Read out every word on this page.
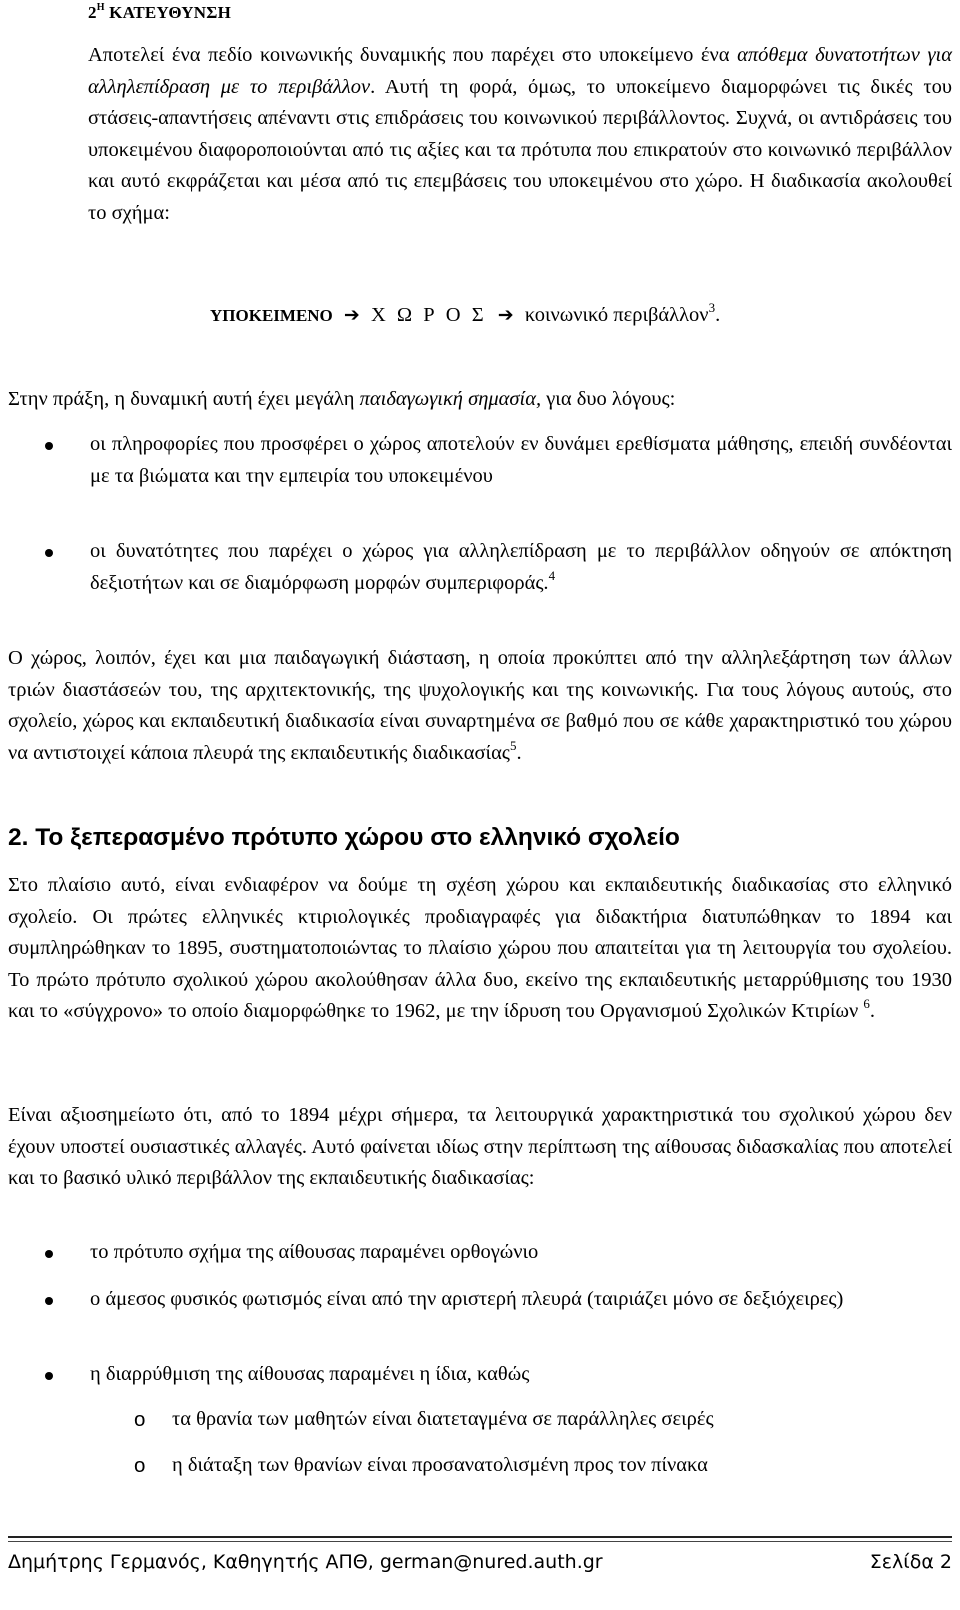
$2^H$ ΚΑΤΕΥΘΥΝΣΗ

Αποτελεί ένα πεδίο κοινωνικής δυναμικής που παρέχει στο υποκείμενο ένα απόθεμα δυνατοτήτων για αλληλεπίδραση με το περιβάλλον. Αυτή τη φορά, όμως, το υποκείμενο διαμορφώνει τις δικές του στάσεις-απαντήσεις απέναντι στις επιδράσεις του κοινωνικού περιβάλλοντος. Συχνά, οι αντιδράσεις του υποκειμένου διαφοροποιούνται από τις αξίες και τα πρότυπα που επικρατούν στο κοινωνικό περιβάλλον και αυτό εκφράζεται και μέσα από τις επεμβάσεις του υποκειμένου στο χώρο. Η διαδικασία ακολουθεί το σχήμα:

ΥΠΟΚΕΙΜΕΝΟ ➔ Χ Ω Ρ Ο Σ ➔ κοινωνικό περιβάλλον$^3$.

Στην πράξη, η δυναμική αυτή έχει μεγάλη παιδαγωγική σημασία, για δυο λόγους:

οι πληροφορίες που προσφέρει ο χώρος αποτελούν εν δυνάμει ερεθίσματα μάθησης, επειδή συνδέονται με τα βιώματα και την εμπειρία του υποκειμένου

οι δυνατότητες που παρέχει ο χώρος για αλληλεπίδραση με το περιβάλλον οδηγούν σε απόκτηση δεξιοτήτων και σε διαμόρφωση μορφών συμπεριφοράς.$^4$

Ο χώρος, λοιπόν, έχει και μια παιδαγωγική διάσταση, η οποία προκύπτει από την αλληλεξάρτηση των άλλων τριών διαστάσεών του, της αρχιτεκτονικής, της ψυχολογικής και της κοινωνικής. Για τους λόγους αυτούς, στο σχολείο, χώρος και εκπαιδευτική διαδικασία είναι συναρτημένα σε βαθμό που σε κάθε χαρακτηριστικό του χώρου να αντιστοιχεί κάποια πλευρά της εκπαιδευτικής διαδικασίας$^5$.

2. Το ξεπερασμένο πρότυπο χώρου στο ελληνικό σχολείο

Στο πλαίσιο αυτό, είναι ενδιαφέρον να δούμε τη σχέση χώρου και εκπαιδευτικής διαδικασίας στο ελληνικό σχολείο. Οι πρώτες ελληνικές κτιριολογικές προδιαγραφές για διδακτήρια διατυπώθηκαν το 1894 και συμπληρώθηκαν το 1895, συστηματοποιώντας το πλαίσιο χώρου που απαιτείται για τη λειτουργία του σχολείου. Το πρώτο πρότυπο σχολικού χώρου ακολούθησαν άλλα δυο, εκείνο της εκπαιδευτικής μεταρρύθμισης του 1930 και το «σύγχρονο» το οποίο διαμορφώθηκε το 1962, με την ίδρυση του Οργανισμού Σχολικών Κτιρίων $^6$.

Είναι αξιοσημείωτο ότι, από το 1894 μέχρι σήμερα, τα λειτουργικά χαρακτηριστικά του σχολικού χώρου δεν έχουν υποστεί ουσιαστικές αλλαγές. Αυτό φαίνεται ιδίως στην περίπτωση της αίθουσας διδασκαλίας που αποτελεί και το βασικό υλικό περιβάλλον της εκπαιδευτικής διαδικασίας:

το πρότυπο σχήμα της αίθουσας παραμένει ορθογώνιο

ο άμεσος φυσικός φωτισμός είναι από την αριστερή πλευρά (ταιριάζει μόνο σε δεξιόχειρες)

η διαρρύθμιση της αίθουσας παραμένει η ίδια, καθώς

o τα θρανία των μαθητών είναι διατεταγμένα σε παράλληλες σειρές

o η διάταξη των θρανίων είναι προσανατολισμένη προς τον πίνακα

Δημήτρης Γερμανός, Καθηγητής ΑΠΘ, german@nured.auth.gr	Σελίδα 2
